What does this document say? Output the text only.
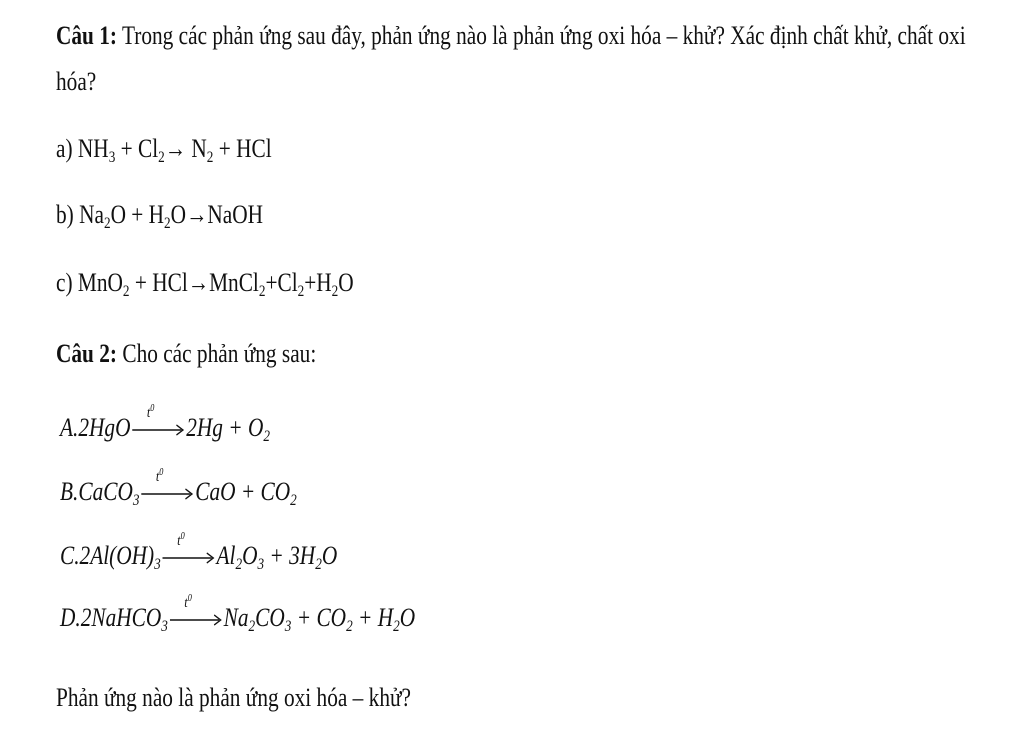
Câu 1: Trong các phản ứng sau đây, phản ứng nào là phản ứng oxi hóa – khử? Xác định chất khử, chất oxi
hóa?
a) $NH_3 + Cl_2\to N_2$ + HCl
b) $Na_2O$ + $H_2O\to NaOH$
c) $MnO_2 + HCl\to MnCl_2+Cl_2+H_2O$
Câu 2: Cho các phản ứng sau:
A.2HgO $t^0$
$2Hg + O_2$
B.CaCO$_3$
$t^0$
CaO + $CO_2$
$C.2Al(OH)_3$
$t^0$
$Al_2O_3 + 3H_2O$
D.2NaHCO$_3$
$t^0$
$Na_2CO_3 + CO_2 + H_2O$
Phản ứng nào là phản ứng oxi hóa – khử?
